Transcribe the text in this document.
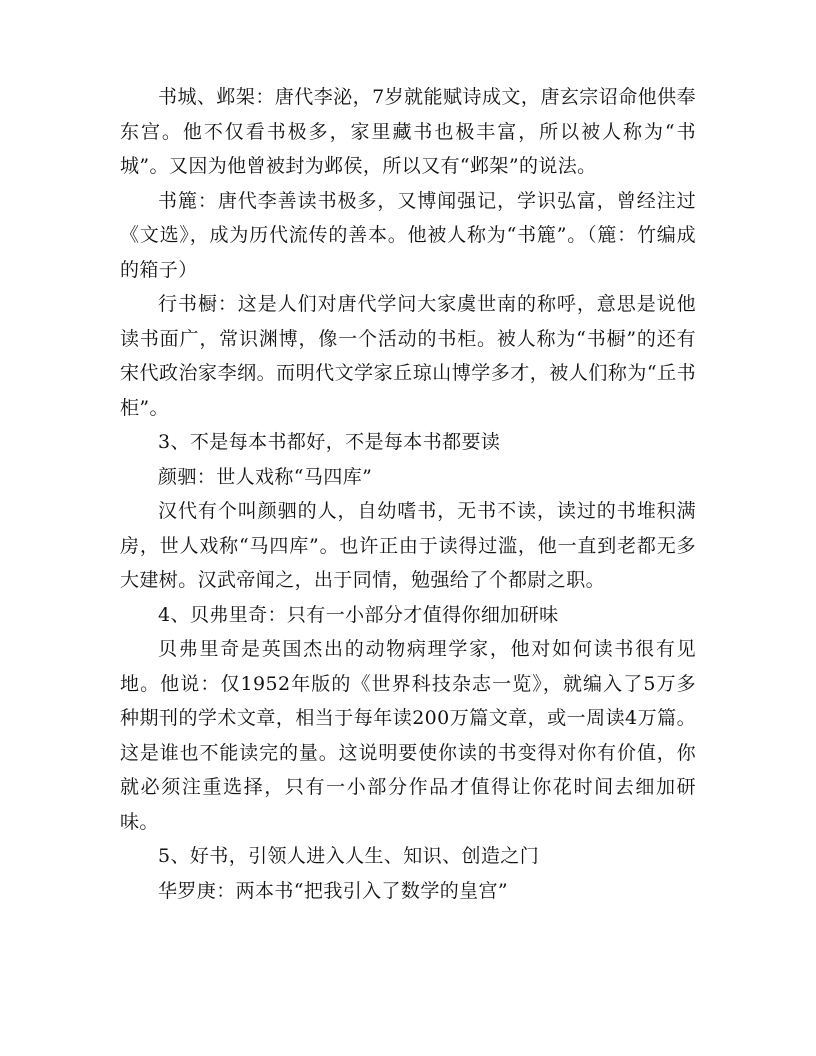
书城、邺架：唐代李泌，7岁就能赋诗成文，唐玄宗诏命他供奉东宫。他不仅看书极多，家里藏书也极丰富，所以被人称为“书城”。又因为他曾被封为邺侯，所以又有“邺架”的说法。

书簏：唐代李善读书极多，又博闻强记，学识弘富，曾经注过《文选》，成为历代流传的善本。他被人称为“书簏”。（簏：竹编成的箱子）

行书橱：这是人们对唐代学问大家虞世南的称呼，意思是说他读书面广，常识渊博，像一个活动的书柜。被人称为“书橱”的还有宋代政治家李纲。而明代文学家丘琼山博学多才，被人们称为“丘书柜”。

3、不是每本书都好，不是每本书都要读

颜驷：世人戏称“马四库”

汉代有个叫颜驷的人，自幼嗜书，无书不读，读过的书堆积满房，世人戏称“马四库”。也许正由于读得过滥，他一直到老都无多大建树。汉武帝闻之，出于同情，勉强给了个都尉之职。

4、贝弗里奇：只有一小部分才值得你细加研味

贝弗里奇是英国杰出的动物病理学家，他对如何读书很有见地。他说：仅1952年版的《世界科技杂志一览》，就编入了5万多种期刊的学术文章，相当于每年读200万篇文章，或一周读4万篇。这是谁也不能读完的量。这说明要使你读的书变得对你有价值，你就必须注重选择，只有一小部分作品才值得让你花时间去细加研味。

5、好书，引领人进入人生、知识、创造之门

华罗庚：两本书“把我引入了数学的皇宫”
